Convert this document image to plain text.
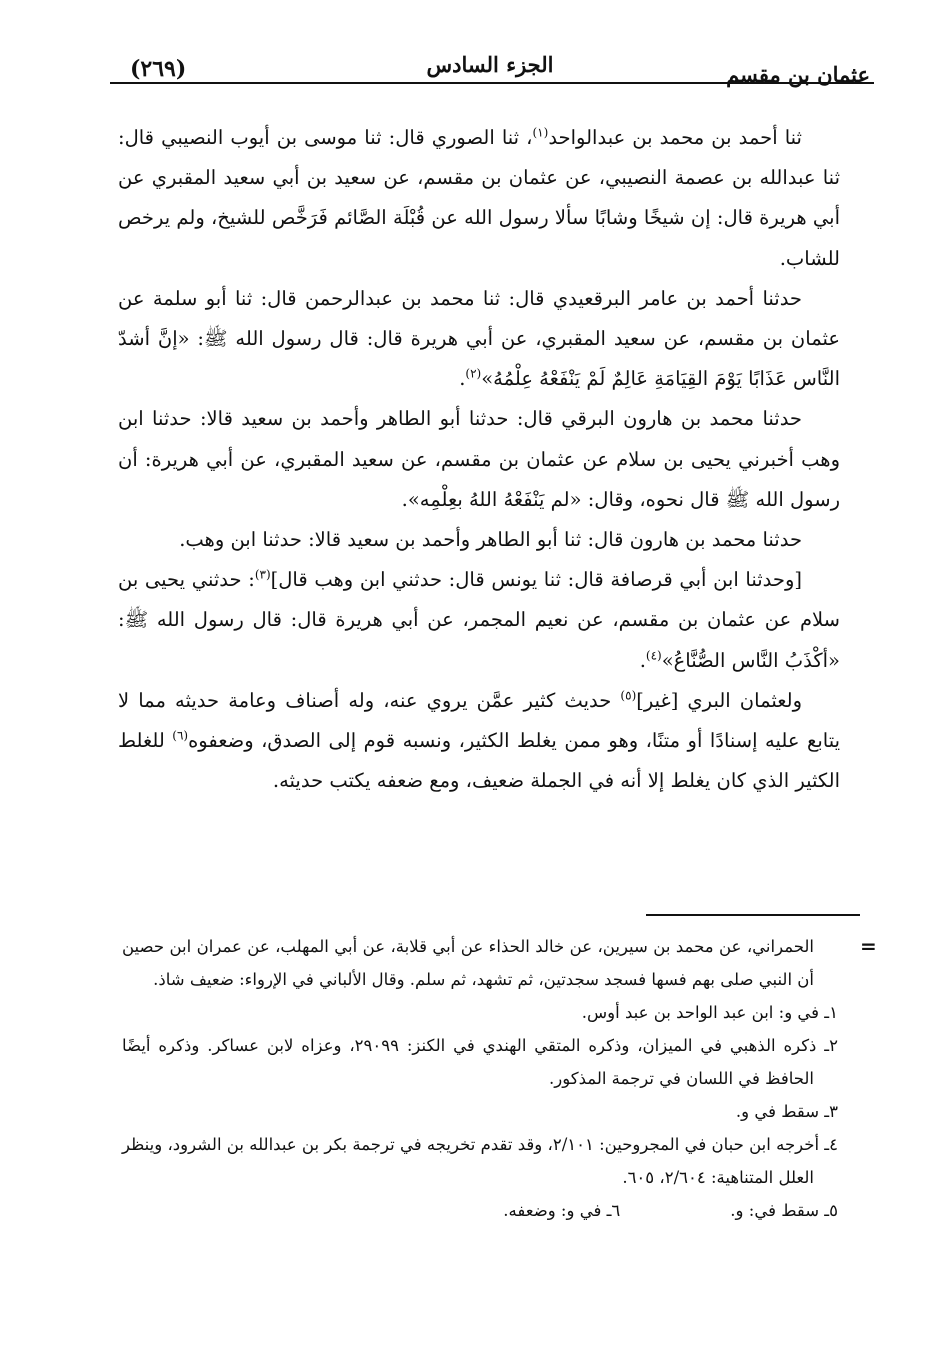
عثمان بن مقسم
الجزء السادس
(٢٦٩)

ثنا أحمد بن محمد بن عبدالواحد$^{(١)}$، ثنا الصوري قال: ثنا موسى بن أيوب النصيبي قال: ثنا عبدالله بن عصمة النصيبي، عن عثمان بن مقسم، عن سعيد بن أبي سعيد المقبري عن أبي هريرة قال: إن شيخًا وشابًا سألا رسول الله عن قُبْلَة الصَّائم فَرَخَّص للشيخ، ولم يرخص للشاب.

حدثنا أحمد بن عامر البرقعيدي قال: ثنا محمد بن عبدالرحمن قال: ثنا أبو سلمة عن عثمان بن مقسم، عن سعيد المقبري، عن أبي هريرة قال: قال رسول الله ﷺ: «إنَّ أشدّ النَّاس عَذَابًا يَوْمَ القِيَامَةِ عَالِمٌ لَمْ يَنْفَعْهُ عِلْمُهُ»$^{(٢)}$.

حدثنا محمد بن هارون البرقي قال: حدثنا أبو الطاهر وأحمد بن سعيد قالا: حدثنا ابن وهب أخبرني يحيى بن سلام عن عثمان بن مقسم، عن سعيد المقبري، عن أبي هريرة: أن رسول الله ﷺ قال نحوه، وقال: «لم يَنْفَعْهُ اللهُ بعِلْمِه».

حدثنا محمد بن هارون قال: ثنا أبو الطاهر وأحمد بن سعيد قالا: حدثنا ابن وهب.

[وحدثنا ابن أبي قرصافة قال: ثنا يونس قال: حدثني ابن وهب قال]$^{(٣)}$: حدثني يحيى بن سلام عن عثمان بن مقسم، عن نعيم المجمر، عن أبي هريرة قال: قال رسول الله ﷺ: «أكْذَبُ النَّاس الصُّنَّاعُ»$^{(٤)}$.

ولعثمان البري [غير]$^{(٥)}$ حديث كثير عمَّن يروي عنه، وله أصناف وعامة حديثه مما لا يتابع عليه إسنادًا أو متنًا، وهو ممن يغلط الكثير، ونسبه قوم إلى الصدق، وضعفوه$^{(٦)}$ للغلط الكثير الذي كان يغلط إلا أنه في الجملة ضعيف، ومع ضعفه يكتب حديثه.

=

الحمراني، عن محمد بن سيرين، عن خالد الحذاء عن أبي قلابة، عن أبي المهلب، عن عمران ابن حصين أن النبي صلى بهم فسها فسجد سجدتين، ثم تشهد، ثم سلم. وقال الألباني في الإرواء: ضعيف شاذ.

١ـ في و: ابن عبد الواحد بن عبد أوس.

٢ـ ذكره الذهبي في الميزان، وذكره المتقي الهندي في الكنز: ٢٩٠٩٩، وعزاه لابن عساكر. وذكره أيضًا الحافظ في اللسان في ترجمة المذكور.

٣ـ سقط في و.

٤ـ أخرجه ابن حبان في المجروحين: ٢/١٠١، وقد تقدم تخريجه في ترجمة بكر بن عبدالله بن الشرود، وينظر العلل المتناهية: ٢/٦٠٤، ٦٠٥.

٥ـ سقط في: و.
٦ـ في و: وضعفه.
